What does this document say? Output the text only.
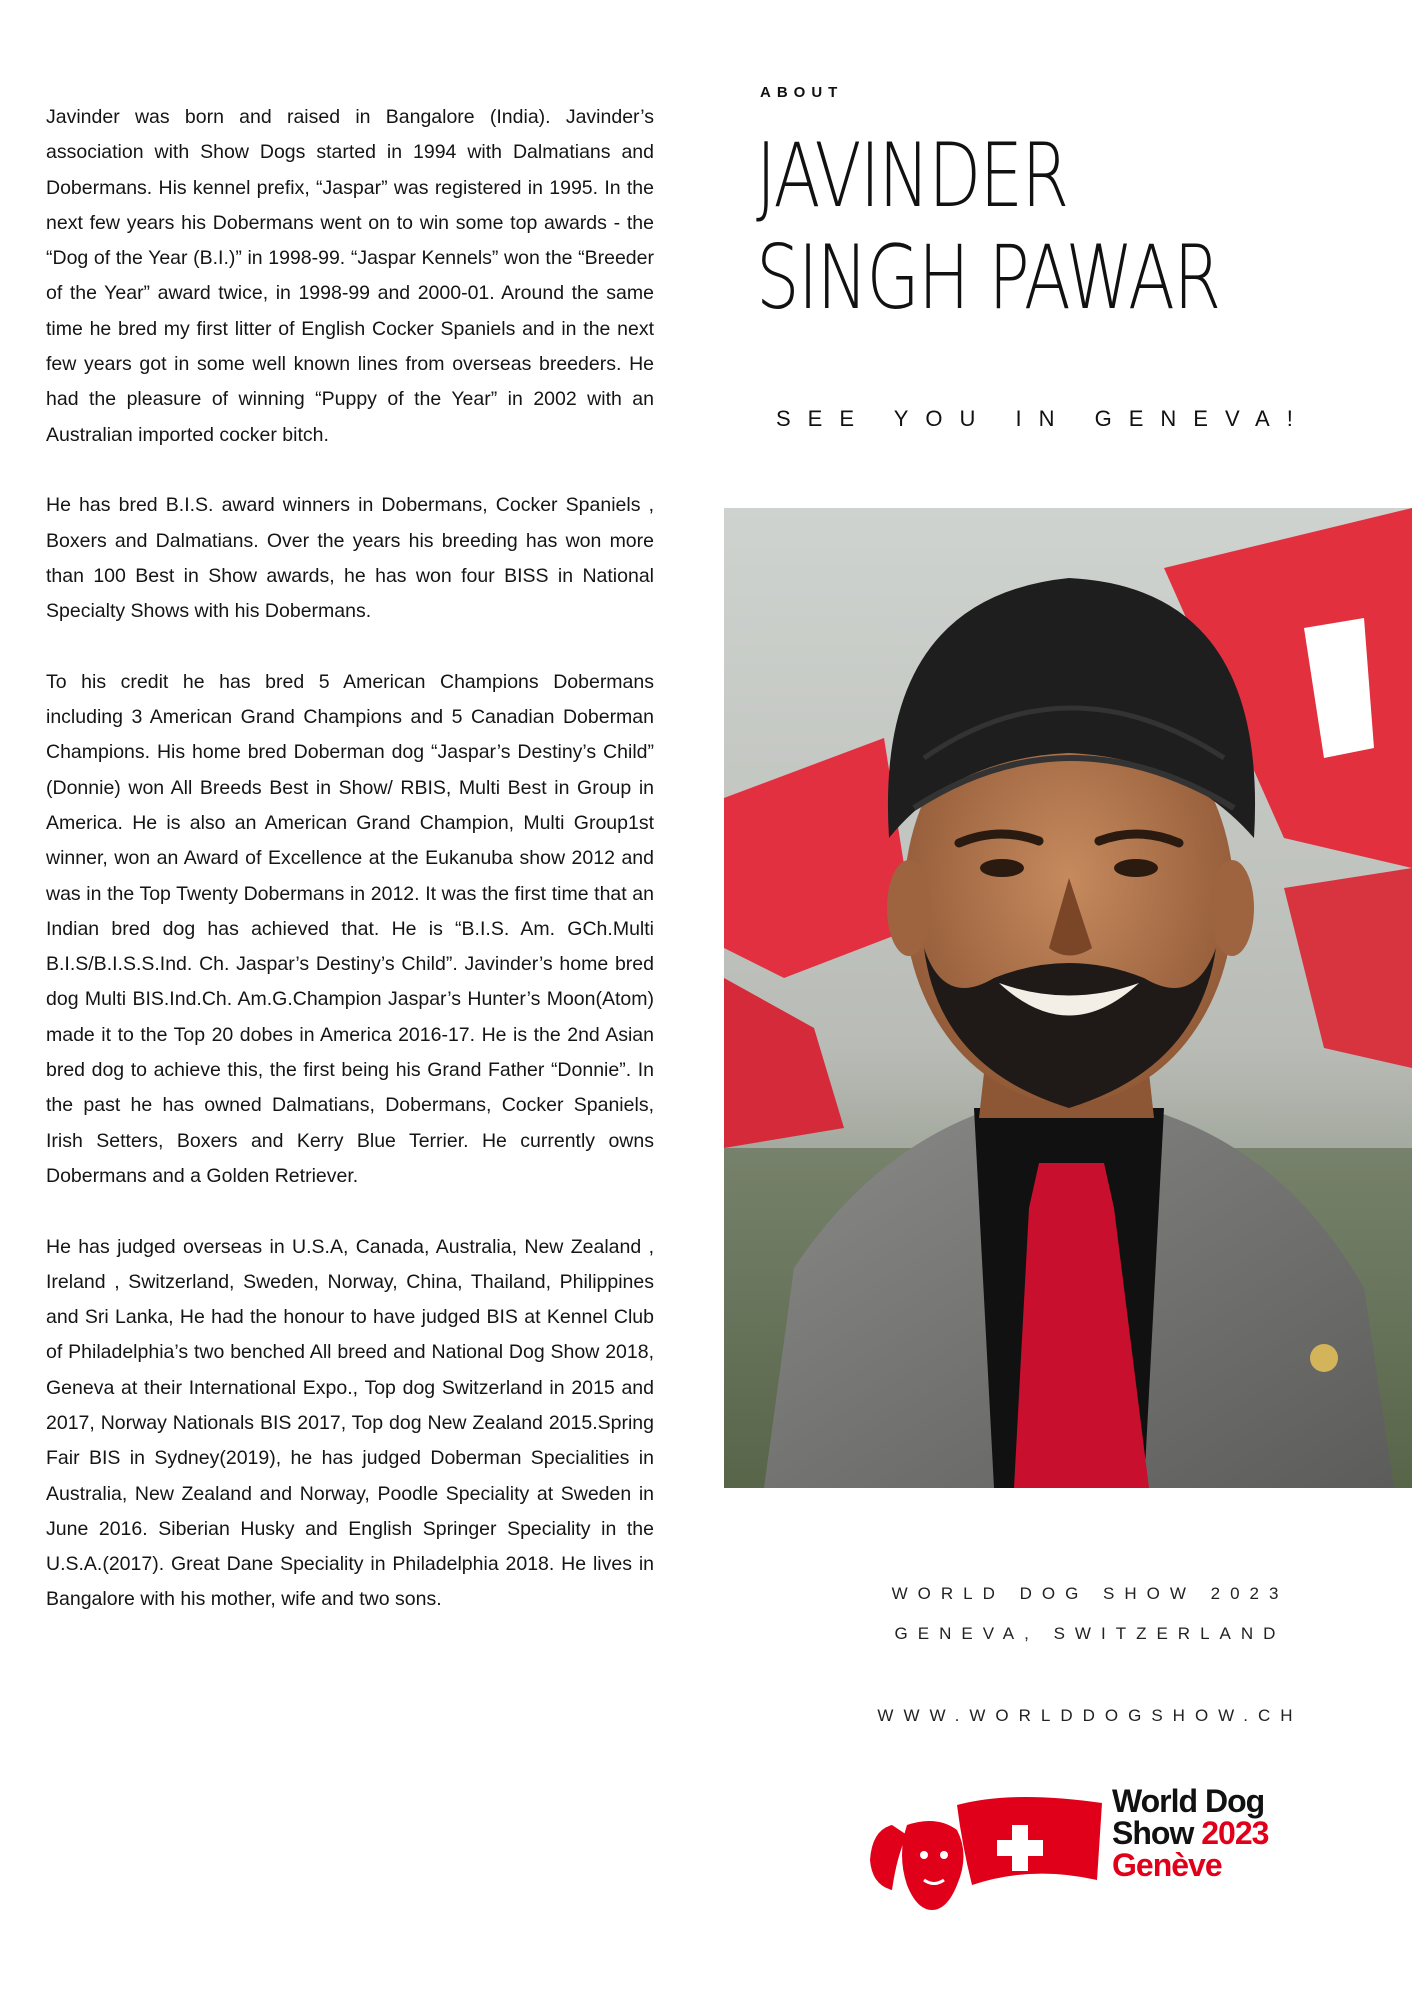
Javinder was born and raised in Bangalore (India). Javinder’s association with Show Dogs started in 1994 with Dalmatians and Dobermans. His kennel prefix, “Jaspar” was registered in 1995. In the next few years his Dobermans went on to win some top awards - the “Dog of the Year (B.I.)” in 1998-99. “Jaspar Kennels” won the “Breeder of the Year” award twice, in 1998-99 and 2000-01. Around the same time he bred my first litter of English Cocker Spaniels and in the next few years got in some well known lines from overseas breeders. He had the pleasure of winning “Puppy of the Year” in 2002 with an Australian imported cocker bitch.

He has bred B.I.S. award winners in Dobermans, Cocker Spaniels , Boxers and Dalmatians. Over the years his breeding has won more than 100 Best in Show awards, he has won four BISS in National Specialty Shows with his Dobermans.

To his credit he has bred 5 American Champions Dobermans including 3 American Grand Champions and 5 Canadian Doberman Champions. His home bred Doberman dog “Jaspar’s Destiny’s Child” (Donnie) won All Breeds Best in Show/ RBIS, Multi Best in Group in America. He is also an American Grand Champion, Multi Group1st winner, won an Award of Excellence at the Eukanuba show 2012 and was in the Top Twenty Dobermans in 2012. It was the first time that an Indian bred dog has achieved that. He is “B.I.S. Am. GCh.Multi B.I.S/B.I.S.S.Ind. Ch. Jaspar’s Destiny’s Child”. Javinder’s home bred dog Multi BIS.Ind.Ch. Am.G.Champion Jaspar’s Hunter’s Moon(Atom) made it to the Top 20 dobes in America 2016-17. He is the 2nd Asian bred dog to achieve this, the first being his Grand Father “Donnie”. In the past he has owned Dalmatians, Dobermans, Cocker Spaniels, Irish Setters, Boxers and Kerry Blue Terrier. He currently owns Dobermans and a Golden Retriever.

He has judged overseas in U.S.A, Canada, Australia, New Zealand , Ireland , Switzerland, Sweden, Norway, China, Thailand, Philippines and Sri Lanka, He had the honour to have judged BIS at Kennel Club of Philadelphia’s two benched All breed and National Dog Show 2018, Geneva at their International Expo., Top dog Switzerland in 2015 and 2017, Norway Nationals BIS 2017, Top dog New Zealand 2015.Spring Fair BIS in Sydney(2019), he has judged Doberman Specialities in Australia, New Zealand and Norway, Poodle Speciality at Sweden in June 2016. Siberian Husky and English Springer Speciality in the U.S.A.(2017). Great Dane Speciality in Philadelphia 2018. He lives in Bangalore with his mother, wife and two sons.

ABOUT
JAVINDER
SINGH PAWAR
SEE YOU IN GENEVA!
WORLD DOG SHOW 2023
GENEVA, SWITZERLAND
WWW.WORLDDOGSHOW.CH
World Dog
Show 2023
Genève
